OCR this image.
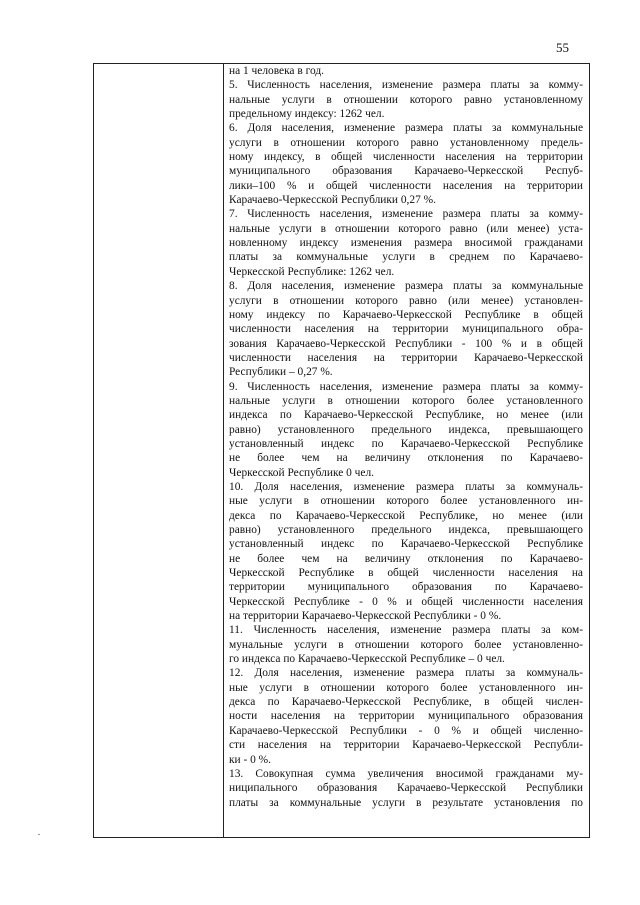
55
на 1 человека в год.
5. Численность населения, изменение размера платы за комму-
нальные услуги в отношении которого равно установленному
предельному индексу: 1262 чел.
6. Доля населения, изменение размера платы за коммунальные
услуги в отношении которого равно установленному предель-
ному индексу, в общей численности населения на территории
муниципального образования Карачаево-Черкесской Респуб-
лики–100 % и общей численности населения на территории
Карачаево-Черкесской Республики 0,27 %.
7. Численность населения, изменение размера платы за комму-
нальные услуги в отношении которого равно (или менее) уста-
новленному индексу изменения размера вносимой гражданами
платы за коммунальные услуги в среднем по Карачаево-
Черкесской Республике: 1262 чел.
8. Доля населения, изменение размера платы за коммунальные
услуги в отношении которого равно (или менее) установлен-
ному индексу по Карачаево-Черкесской Республике в общей
численности населения на территории муниципального обра-
зования Карачаево-Черкесской Республики - 100 % и в общей
численности населения на территории Карачаево-Черкесской
Республики – 0,27 %.
9. Численность населения, изменение размера платы за комму-
нальные услуги в отношении которого более установленного
индекса по Карачаево-Черкесской Республике, но менее (или
равно) установленного предельного индекса, превышающего
установленный индекс по Карачаево-Черкесской Республике
не более чем на величину отклонения по Карачаево-
Черкесской Республике 0 чел.
10. Доля населения, изменение размера платы за коммуналь-
ные услуги в отношении которого более установленного ин-
декса по Карачаево-Черкесской Республике, но менее (или
равно) установленного предельного индекса, превышающего
установленный индекс по Карачаево-Черкесской Республике
не более чем на величину отклонения по Карачаево-
Черкесской Республике в общей численности населения на
территории муниципального образования по Карачаево-
Черкесской Республике - 0 % и общей численности населения
на территории Карачаево-Черкесской Республики - 0 %.
11. Численность населения, изменение размера платы за ком-
мунальные услуги в отношении которого более установленно-
го индекса по Карачаево-Черкесской Республике – 0 чел.
12. Доля населения, изменение размера платы за коммуналь-
ные услуги в отношении которого более установленного ин-
декса по Карачаево-Черкесской Республике, в общей числен-
ности населения на территории муниципального образования
Карачаево-Черкесской Республики - 0 % и общей численно-
сти населения на территории Карачаево-Черкесской Республи-
ки - 0 %.
13. Совокупная сумма увеличения вносимой гражданами му-
ниципального образования Карачаево-Черкесской Республики
платы за коммунальные услуги в результате установления по
